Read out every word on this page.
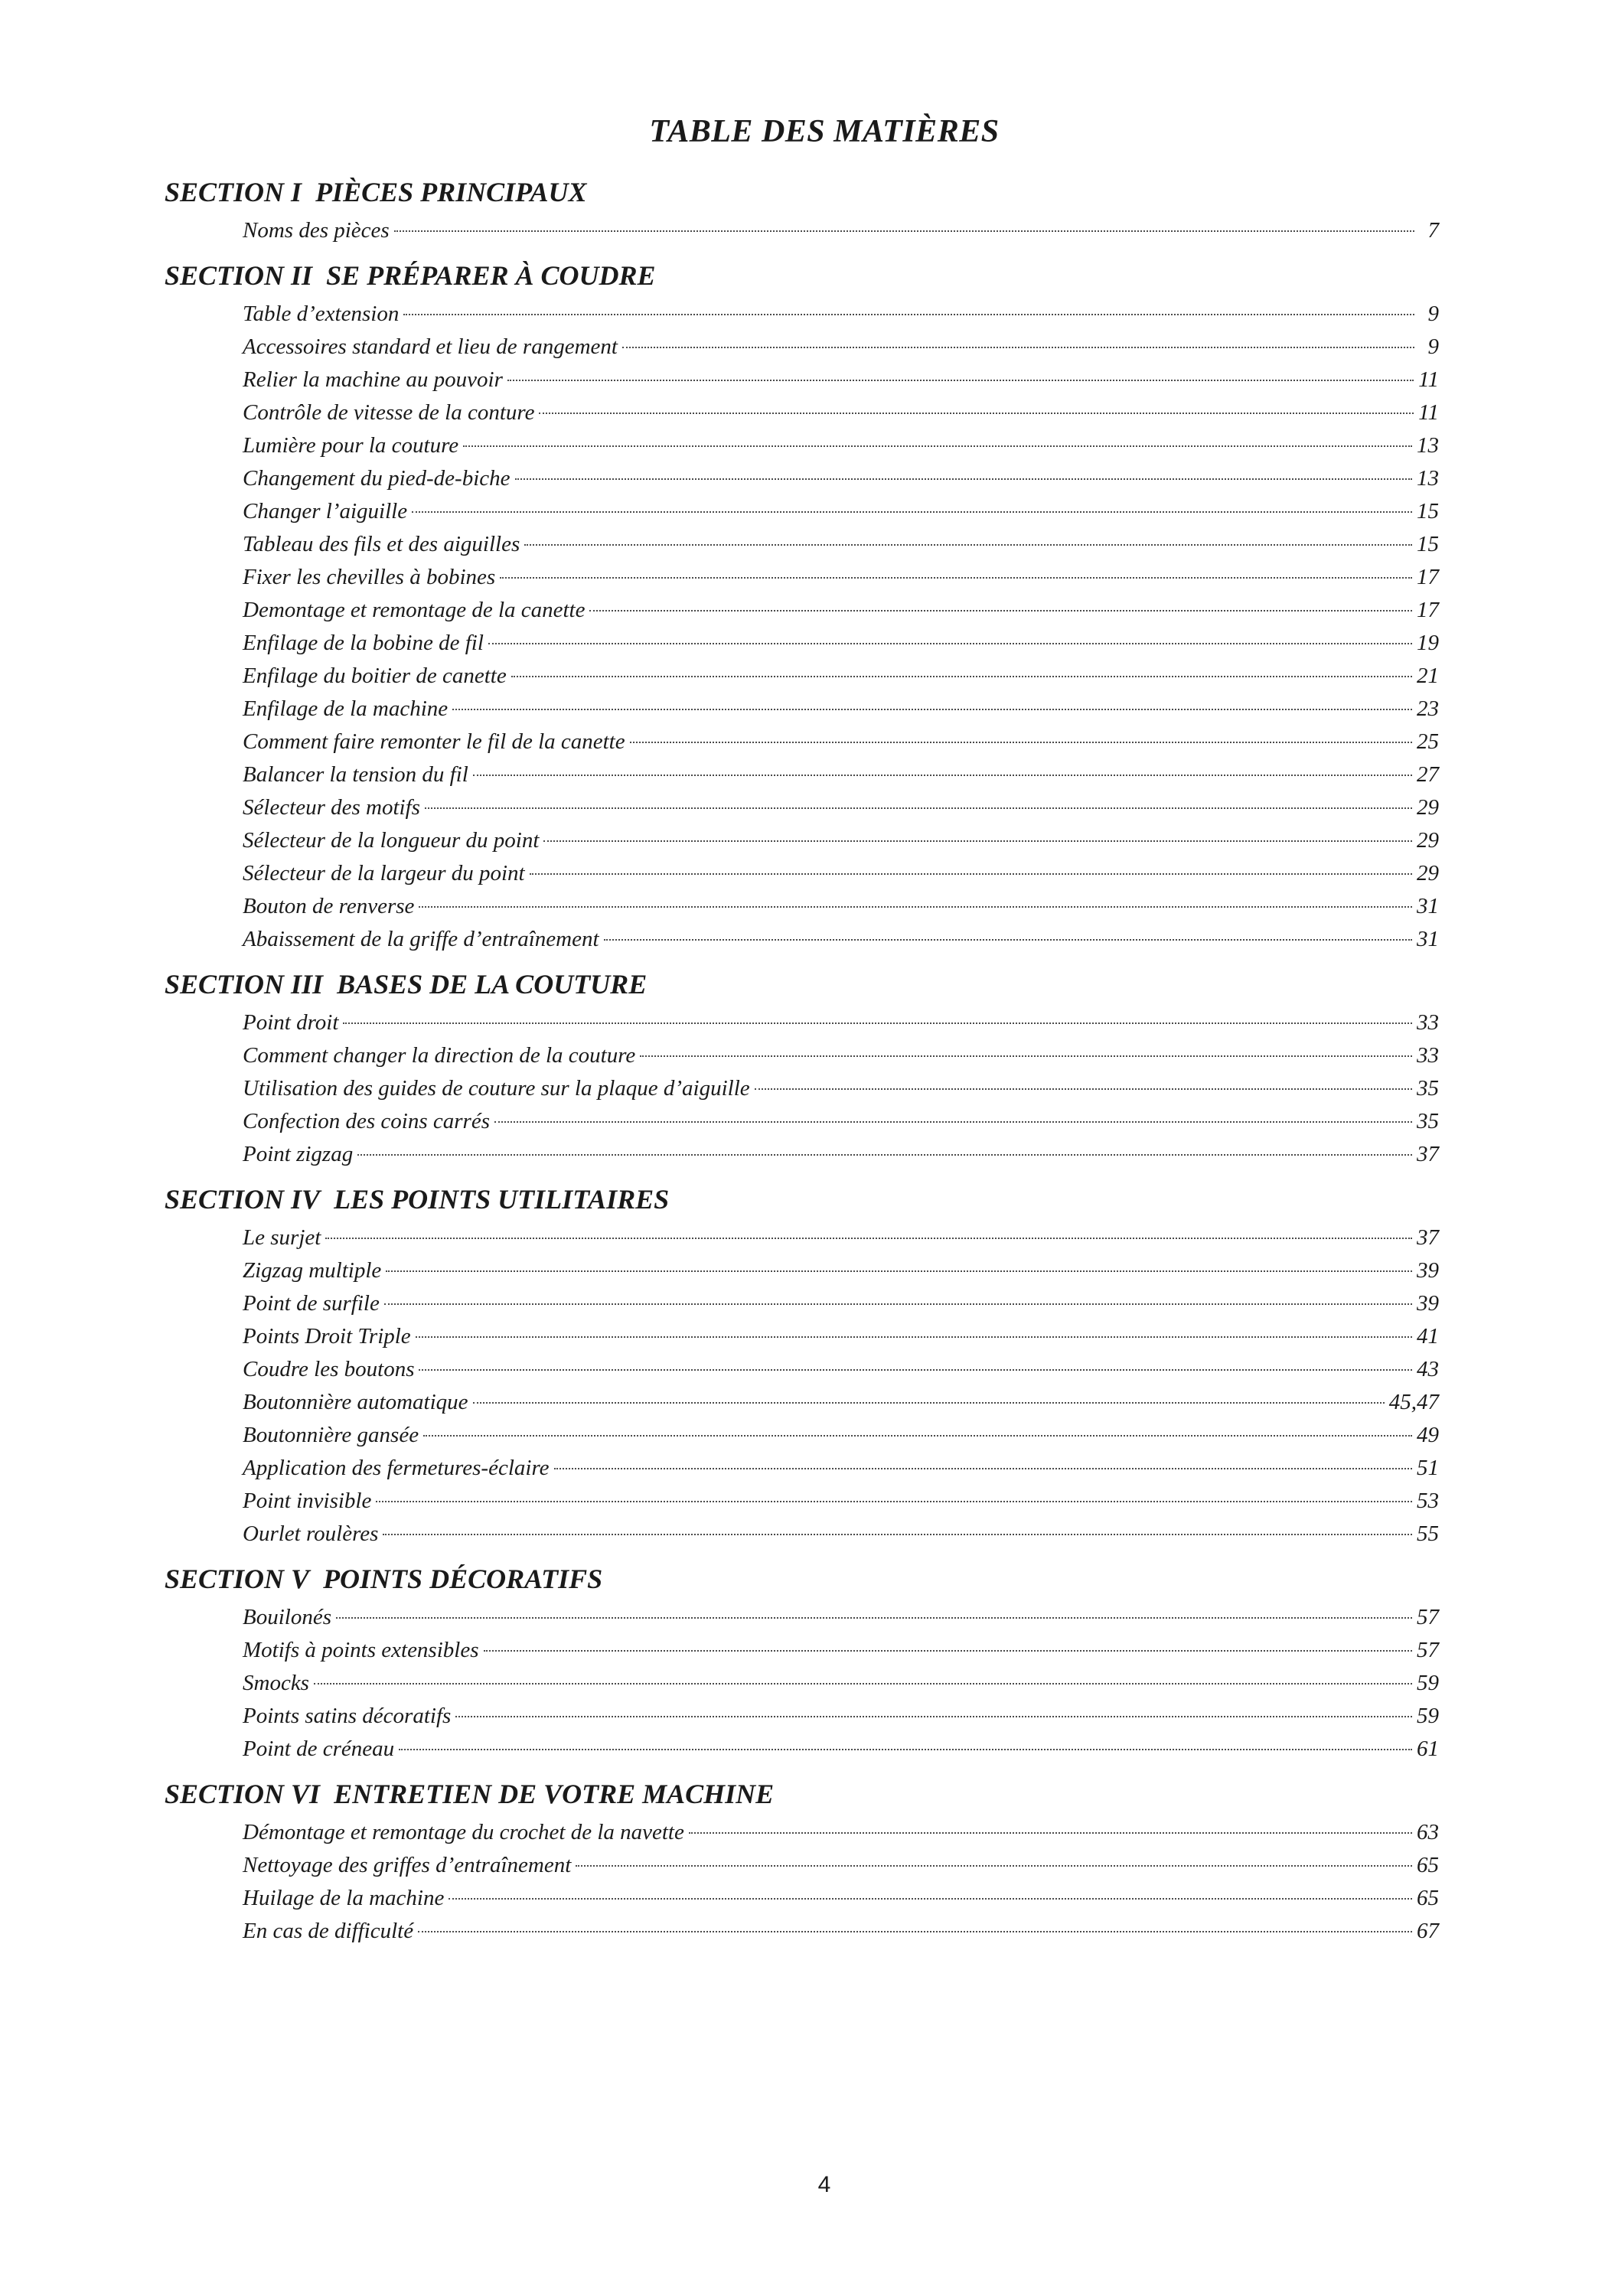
TABLE DES MATIÈRES
SECTION I PIÈCES PRINCIPAUX
Noms des pièces	7
SECTION II SE PRÉPARER À COUDRE
Table d’extension	9
Accessoires standard et lieu de rangement	9
Relier la machine au pouvoir	11
Contrôle de vitesse de la conture	11
Lumière pour la couture	13
Changement du pied-de-biche	13
Changer l’aiguille	15
Tableau des fils et des aiguilles	15
Fixer les chevilles à bobines	17
Demontage et remontage de la canette	17
Enfilage de la bobine de fil	19
Enfilage du boitier de canette	21
Enfilage de la machine	23
Comment faire remonter le fil de la canette	25
Balancer la tension du fil	27
Sélecteur des motifs	29
Sélecteur de la longueur du point	29
Sélecteur de la largeur du point	29
Bouton de renverse	31
Abaissement de la griffe d’entraînement	31
SECTION III BASES DE LA COUTURE
Point droit	33
Comment changer la direction de la couture	33
Utilisation des guides de couture sur la plaque d’aiguille	35
Confection des coins carrés	35
Point zigzag	37
SECTION IV LES POINTS UTILITAIRES
Le surjet	37
Zigzag multiple	39
Point de surfile	39
Points Droit Triple	41
Coudre les boutons	43
Boutonnière automatique	45,47
Boutonnière gansée	49
Application des fermetures-éclaire	51
Point invisible	53
Ourlet roulères	55
SECTION V POINTS DÉCORATIFS
Bouilonés	57
Motifs à points extensibles	57
Smocks	59
Points satins décoratifs	59
Point de créneau	61
SECTION VI ENTRETIEN DE VOTRE MACHINE
Démontage et remontage du crochet de la navette	63
Nettoyage des griffes d’entraînement	65
Huilage de la machine	65
En cas de difficulté	67
4
